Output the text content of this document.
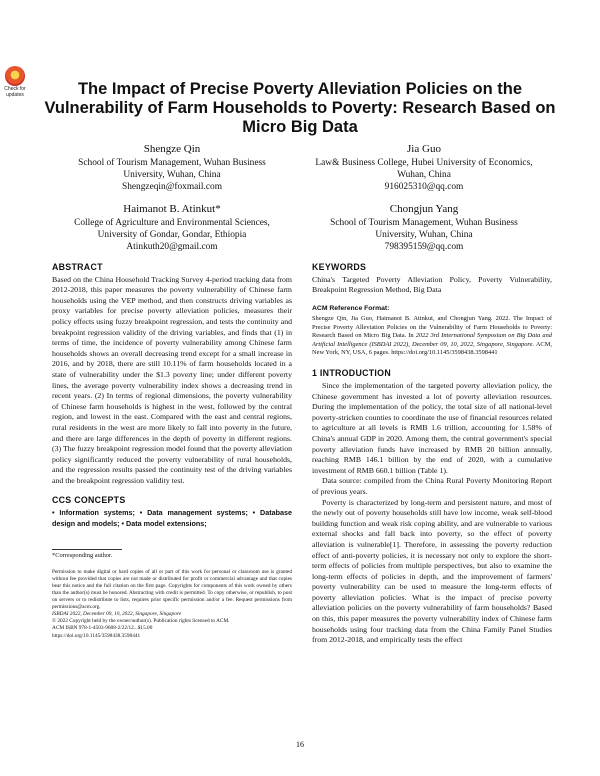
Check for updates	The Impact of Precise Poverty Alleviation Policies on the Vulnerability of Farm Households to Poverty: Research Based on Micro Big Data
Shengze Qin
School of Tourism Management, Wuhan Business
University, Wuhan, China
Shengzeqin@foxmail.com
Jia Guo
Law& Business College, Hubei University of Economics,
Wuhan, China
916025310@qq.com
Haimanot B. Atinkut*
College of Agriculture and Environmental Sciences,
University of Gondar, Gondar, Ethiopia
Atinkuth20@gmail.com
Chongjun Yang
School of Tourism Management, Wuhan Business
University, Wuhan, China
798395159@qq.com
ABSTRACT

Based on the China Household Tracking Survey 4-period tracking data from 2012-2018, this paper measures the poverty vulnerability of Chinese farm households using the VEP method, and then constructs driving variables as proxy variables for precise poverty alleviation policies, measures their policy effects using fuzzy breakpoint regression, and tests the continuity and breakpoint regression validity of the driving variables, and finds that (1) in terms of time, the incidence of poverty vulnerability among Chinese farm households shows an overall decreasing trend except for a small increase in 2016, and by 2018, there are still 10.11% of farm households located in a state of vulnerability under the $1.3 poverty line; under different poverty lines, the average poverty vulnerability index shows a decreasing trend in recent years. (2) In terms of regional dimensions, the poverty vulnerability of Chinese farm households is highest in the west, followed by the central region, and lowest in the east. Compared with the east and central regions, rural residents in the west are more likely to fall into poverty in the future, and there are large differences in the depth of poverty in different regions. (3) The fuzzy breakpoint regression model found that the poverty alleviation policy significantly reduced the poverty vulnerability of rural households, and the regression results passed the continuity test of the driving variables and the breakpoint regression validity test.

CCS CONCEPTS

• Information systems; • Data management systems; • Database design and models; • Data model extensions;

*Corresponding author.
Permission to make digital or hard copies of all or part of this work for personal or classroom use is granted without fee provided that copies are not made or distributed for profit or commercial advantage and that copies bear this notice and the full citation on the first page. Copyrights for components of this work owned by others than the author(s) must be honored. Abstracting with credit is permitted. To copy otherwise, or republish, to post on servers or to redistribute to lists, requires prior specific permission and/or a fee. Request permissions from permissions@acm.org.
ISBDAI 2022, December 09, 10, 2022, Singapore, Singapore
© 2022 Copyright held by the owner/author(s). Publication rights licensed to ACM.
ACM ISBN 978-1-4503-9688-2/22/12...$15.00
https://doi.org/10.1145/3598438.3598441
KEYWORDS

China's Targeted Poverty Alleviation Policy, Poverty Vulnerability, Breakpoint Regression Method, Big Data

ACM Reference Format:

Shengze Qin, Jia Guo, Haimanot B. Atinkut, and Chongjun Yang. 2022. The Impact of Precise Poverty Alleviation Policies on the Vulnerability of Farm Households to Poverty: Research Based on Micro Big Data. In 2022 3rd International Symposium on Big Data and Artificial Intelligence (ISBDAI 2022), December 09, 10, 2022, Singapore, Singapore. ACM, New York, NY, USA, 6 pages. https://doi.org/10.1145/3598438.3598441

1 INTRODUCTION

Since the implementation of the targeted poverty alleviation policy, the Chinese government has invested a lot of poverty alleviation resources. During the implementation of the policy, the total size of all national-level poverty-stricken counties to coordinate the use of financial resources related to agriculture at all levels is RMB 1.6 trillion, accounting for 1.58% of China's annual GDP in 2020. Among them, the central government's special poverty alleviation funds have increased by RMB 20 billion annually, reaching RMB 146.1 billion by the end of 2020, with a cumulative investment of RMB 660.1 billion (Table 1).

Data source: compiled from the China Rural Poverty Monitoring Report of previous years.

Poverty is characterized by long-term and persistent nature, and most of the newly out of poverty households still have low income, weak self-blood building function and weak risk coping ability, and are vulnerable to various external shocks and fall back into poverty, so the effect of poverty alleviation is vulnerable[1]. Therefore, in assessing the poverty reduction effect of anti-poverty policies, it is necessary not only to explore the short-term effects of policies from multiple perspectives, but also to examine the long-term effects of policies in depth, and the improvement of farmers' poverty vulnerability can be used to measure the long-term effects of poverty alleviation policies. What is the impact of precise poverty alleviation policies on the poverty vulnerability of farm households? Based on this, this paper measures the poverty vulnerability index of Chinese farm households using four tracking data from the China Family Panel Studies from 2012-2018, and empirically tests the effect

16
